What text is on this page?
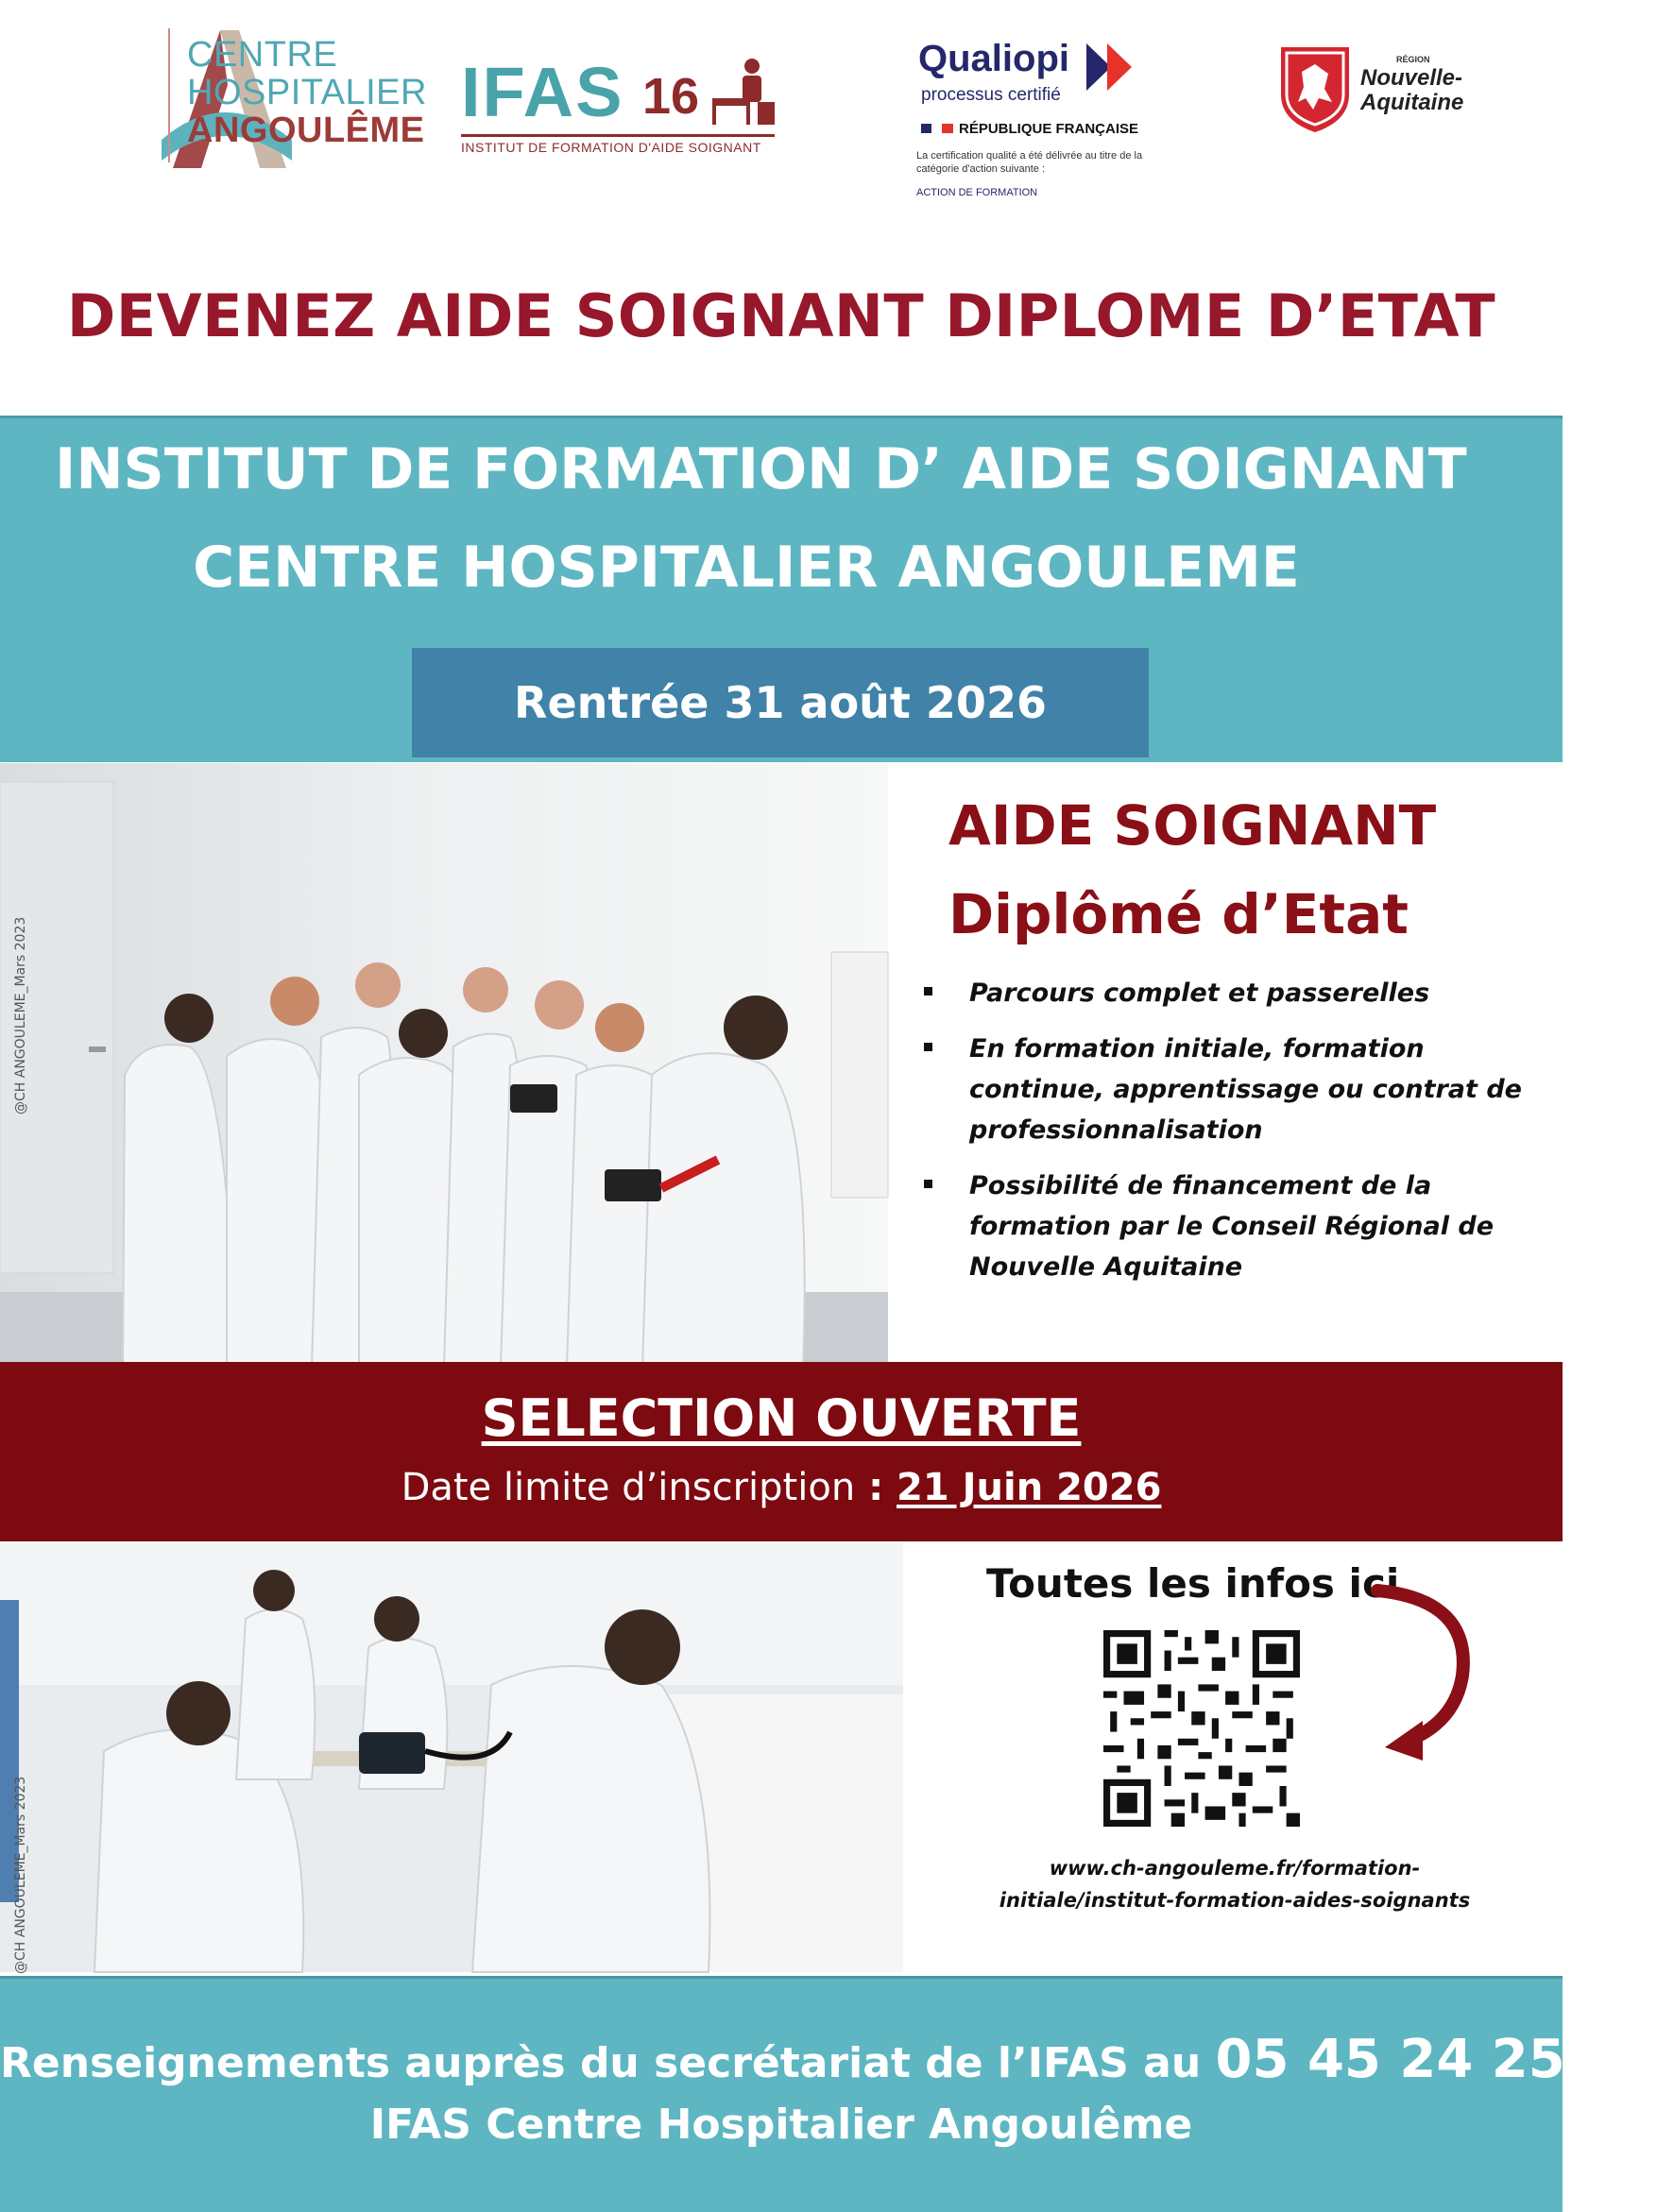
CENTRE
HOSPITALIER
ANGOULÊME IFAS 16
INSTITUT DE FORMATION D'AIDE SOIGNANT
Qualiopi
processus certifié
RÉPUBLIQUE FRANÇAISE
La certification qualité a été délivrée au titre de la catégorie d'action suivante :
ACTION DE FORMATION
RÉGION
Nouvelle-
Aquitaine
DEVENEZ AIDE SOIGNANT DIPLOME D’ETAT
INSTITUT DE FORMATION D’ AIDE SOIGNANT
CENTRE HOSPITALIER ANGOULEME
Rentrée 31 août 2026
@CH ANGOULEME_Mars 2023
AIDE SOIGNANT
Diplômé d’Etat
Parcours complet et passerelles
En formation initiale, formation continue, apprentissage ou contrat de professionnalisation
Possibilité de financement de la formation par le Conseil Régional de Nouvelle Aquitaine
SELECTION OUVERTE
Date limite d’inscription : 21 Juin 2026
@CH ANGOULEME_Mars 2023
Toutes les infos ici
www.ch-angouleme.fr/formation-
initiale/institut-formation-aides-soignants
Renseignements auprès du secrétariat de l’IFAS au 05 45 24 25 34
IFAS Centre Hospitalier Angoulême
